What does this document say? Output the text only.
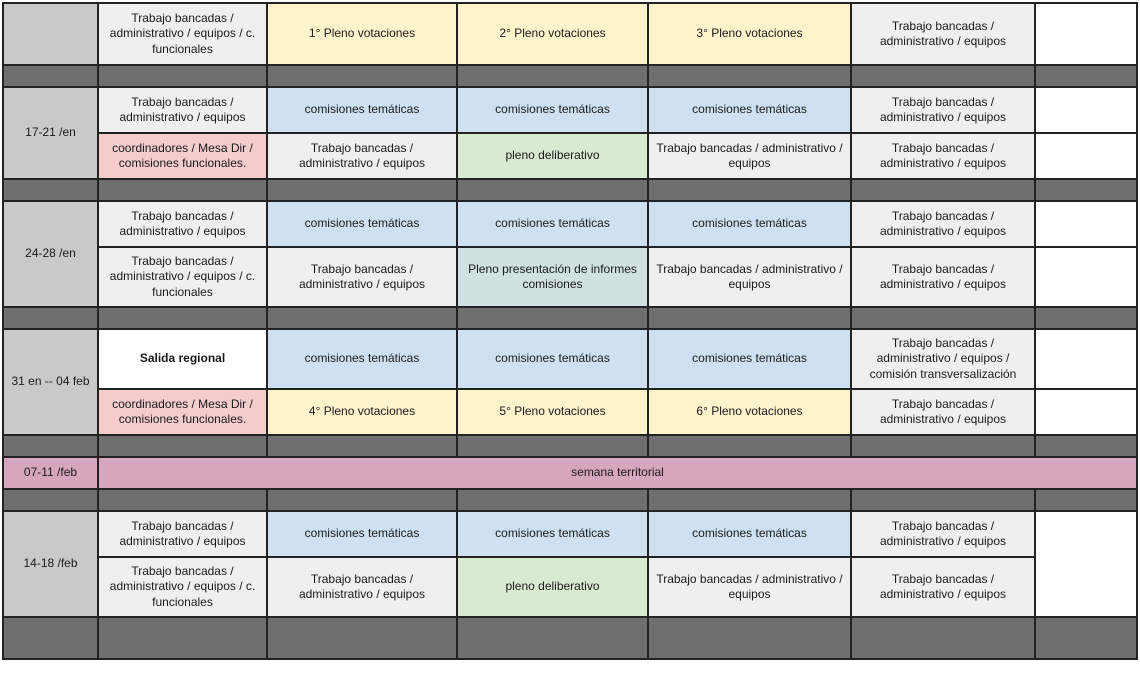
	Trabajo bancadas / administrativo / equipos / c. funcionales	1° Pleno votaciones	2° Pleno votaciones	3° Pleno votaciones	Trabajo bancadas / administrativo / equipos	

17-21 /en	Trabajo bancadas / administrativo / equipos	comisiones temáticas	comisiones temáticas	comisiones temáticas	Trabajo bancadas / administrativo / equipos	
	coordinadores / Mesa Dir / comisiones funcionales.	Trabajo bancadas / administrativo / equipos	pleno deliberativo	Trabajo bancadas / administrativo / equipos	Trabajo bancadas / administrativo / equipos	

24-28 /en	Trabajo bancadas / administrativo / equipos	comisiones temáticas	comisiones temáticas	comisiones temáticas	Trabajo bancadas / administrativo / equipos	
	Trabajo bancadas / administrativo / equipos / c. funcionales	Trabajo bancadas / administrativo / equipos	Pleno presentación de informes comisiones	Trabajo bancadas / administrativo / equipos	Trabajo bancadas / administrativo / equipos	

31 en -- 04 feb	Salida regional	comisiones temáticas	comisiones temáticas	comisiones temáticas	Trabajo bancadas / administrativo / equipos / comisión transversalización	
	coordinadores / Mesa Dir / comisiones funcionales.	4° Pleno votaciones	5° Pleno votaciones	6° Pleno votaciones	Trabajo bancadas / administrativo / equipos	

07-11 /feb	semana territorial					

14-18 /feb	Trabajo bancadas / administrativo / equipos	comisiones temáticas	comisiones temáticas	comisiones temáticas	Trabajo bancadas / administrativo / equipos	
	Trabajo bancadas / administrativo / equipos / c. funcionales	Trabajo bancadas / administrativo / equipos	pleno deliberativo	Trabajo bancadas / administrativo / equipos	Trabajo bancadas / administrativo / equipos	
